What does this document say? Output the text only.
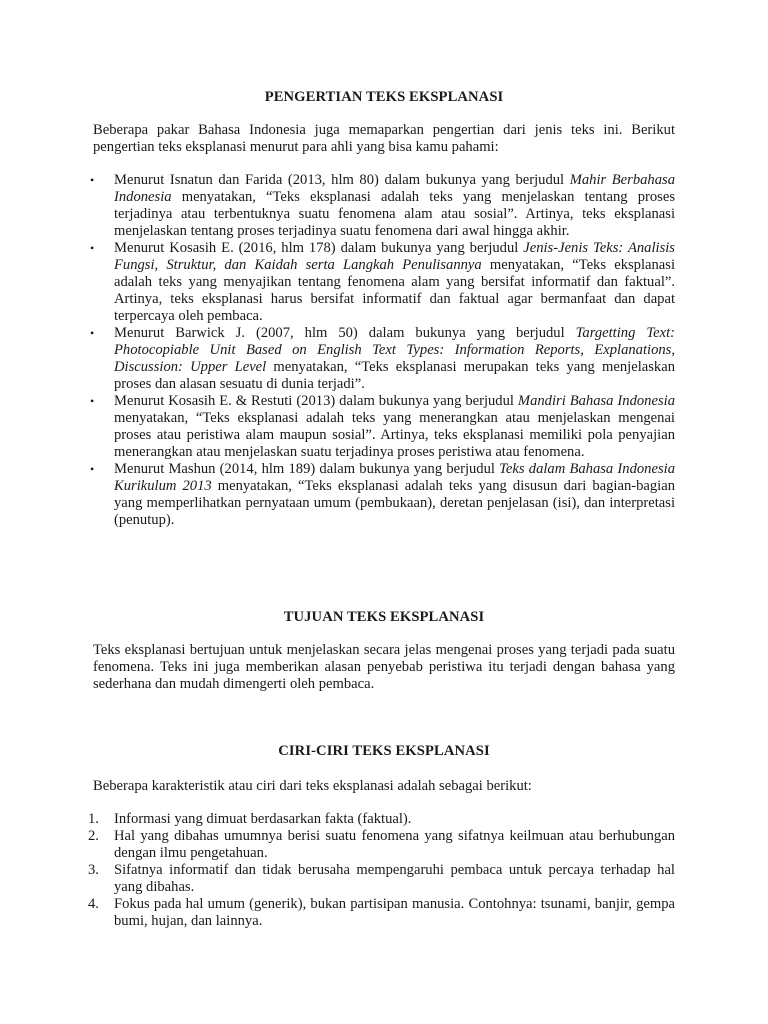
PENGERTIAN TEKS EKSPLANASI

Beberapa pakar Bahasa Indonesia juga memaparkan pengertian dari jenis teks ini. Berikut pengertian teks eksplanasi menurut para ahli yang bisa kamu pahami:

• Menurut Isnatun dan Farida (2013, hlm 80) dalam bukunya yang berjudul Mahir Berbahasa Indonesia menyatakan, “Teks eksplanasi adalah teks yang menjelaskan tentang proses terjadinya atau terbentuknya suatu fenomena alam atau sosial”. Artinya, teks eksplanasi menjelaskan tentang proses terjadinya suatu fenomena dari awal hingga akhir.
• Menurut Kosasih E. (2016, hlm 178) dalam bukunya yang berjudul Jenis-Jenis Teks: Analisis Fungsi, Struktur, dan Kaidah serta Langkah Penulisannya menyatakan, “Teks eksplanasi adalah teks yang menyajikan tentang fenomena alam yang bersifat informatif dan faktual”. Artinya, teks eksplanasi harus bersifat informatif dan faktual agar bermanfaat dan dapat terpercaya oleh pembaca.
• Menurut Barwick J. (2007, hlm 50) dalam bukunya yang berjudul Targetting Text: Photocopiable Unit Based on English Text Types: Information Reports, Explanations, Discussion: Upper Level menyatakan, “Teks eksplanasi merupakan teks yang menjelaskan proses dan alasan sesuatu di dunia terjadi”.
• Menurut Kosasih E. & Restuti (2013) dalam bukunya yang berjudul Mandiri Bahasa Indonesia menyatakan, “Teks eksplanasi adalah teks yang menerangkan atau menjelaskan mengenai proses atau peristiwa alam maupun sosial”. Artinya, teks eksplanasi memiliki pola penyajian menerangkan atau menjelaskan suatu terjadinya proses peristiwa atau fenomena.
• Menurut Mashun (2014, hlm 189) dalam bukunya yang berjudul Teks dalam Bahasa Indonesia Kurikulum 2013 menyatakan, “Teks eksplanasi adalah teks yang disusun dari bagian-bagian yang memperlihatkan pernyataan umum (pembukaan), deretan penjelasan (isi), dan interpretasi (penutup).
TUJUAN TEKS EKSPLANASI

Teks eksplanasi bertujuan untuk menjelaskan secara jelas mengenai proses yang terjadi pada suatu fenomena. Teks ini juga memberikan alasan penyebab peristiwa itu terjadi dengan bahasa yang sederhana dan mudah dimengerti oleh pembaca.

CIRI-CIRI TEKS EKSPLANASI

Beberapa karakteristik atau ciri dari teks eksplanasi adalah sebagai berikut:

1. Informasi yang dimuat berdasarkan fakta (faktual).
2. Hal yang dibahas umumnya berisi suatu fenomena yang sifatnya keilmuan atau berhubungan dengan ilmu pengetahuan.
3. Sifatnya informatif dan tidak berusaha mempengaruhi pembaca untuk percaya terhadap hal yang dibahas.
4. Fokus pada hal umum (generik), bukan partisipan manusia. Contohnya: tsunami, banjir, gempa bumi, hujan, dan lainnya.
